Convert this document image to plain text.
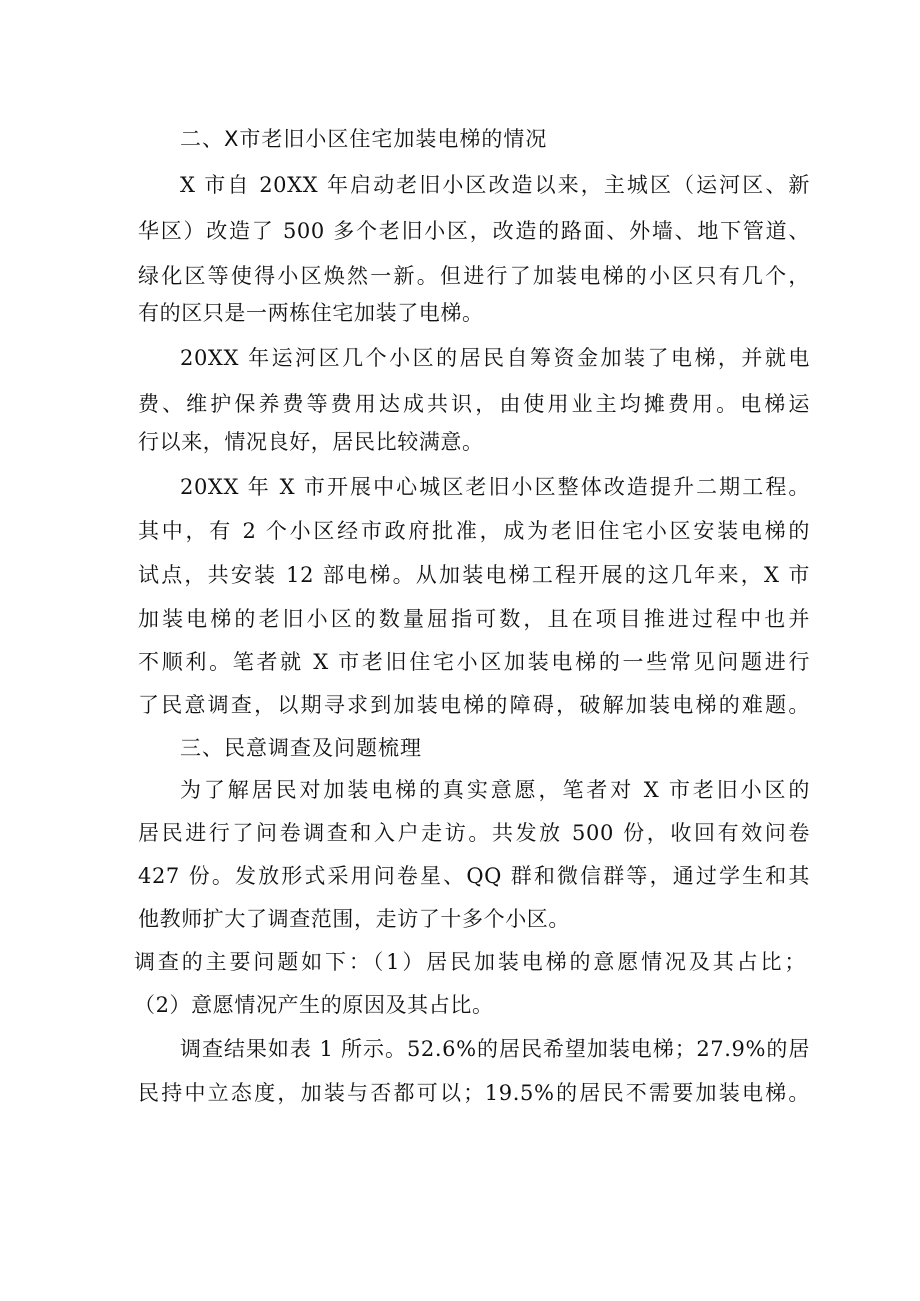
二、X市老旧小区住宅加装电梯的情况
X 市自 20XX 年启动老旧小区改造以来，主城区（运河区、新
华区）改造了 500 多个老旧小区，改造的路面、外墙、地下管道、
绿化区等使得小区焕然一新。但进行了加装电梯的小区只有几个，
有的区只是一两栋住宅加装了电梯。
20XX 年运河区几个小区的居民自筹资金加装了电梯，并就电
费、维护保养费等费用达成共识，由使用业主均摊费用。电梯运
行以来，情况良好，居民比较满意。
20XX 年 X 市开展中心城区老旧小区整体改造提升二期工程。
其中，有 2 个小区经市政府批准，成为老旧住宅小区安装电梯的
试点，共安装 12 部电梯。从加装电梯工程开展的这几年来，X 市
加装电梯的老旧小区的数量屈指可数，且在项目推进过程中也并
不顺利。笔者就 X 市老旧住宅小区加装电梯的一些常见问题进行
了民意调查，以期寻求到加装电梯的障碍，破解加装电梯的难题。
三、民意调查及问题梳理
为了解居民对加装电梯的真实意愿，笔者对 X 市老旧小区的
居民进行了问卷调查和入户走访。共发放 500 份，收回有效问卷
427 份。发放形式采用问卷星、QQ 群和微信群等，通过学生和其
他教师扩大了调查范围，走访了十多个小区。
调查的主要问题如下：（1）居民加装电梯的意愿情况及其占比；
（2）意愿情况产生的原因及其占比。
调查结果如表 1 所示。52.6%的居民希望加装电梯；27.9%的居
民持中立态度，加装与否都可以；19.5%的居民不需要加装电梯。
